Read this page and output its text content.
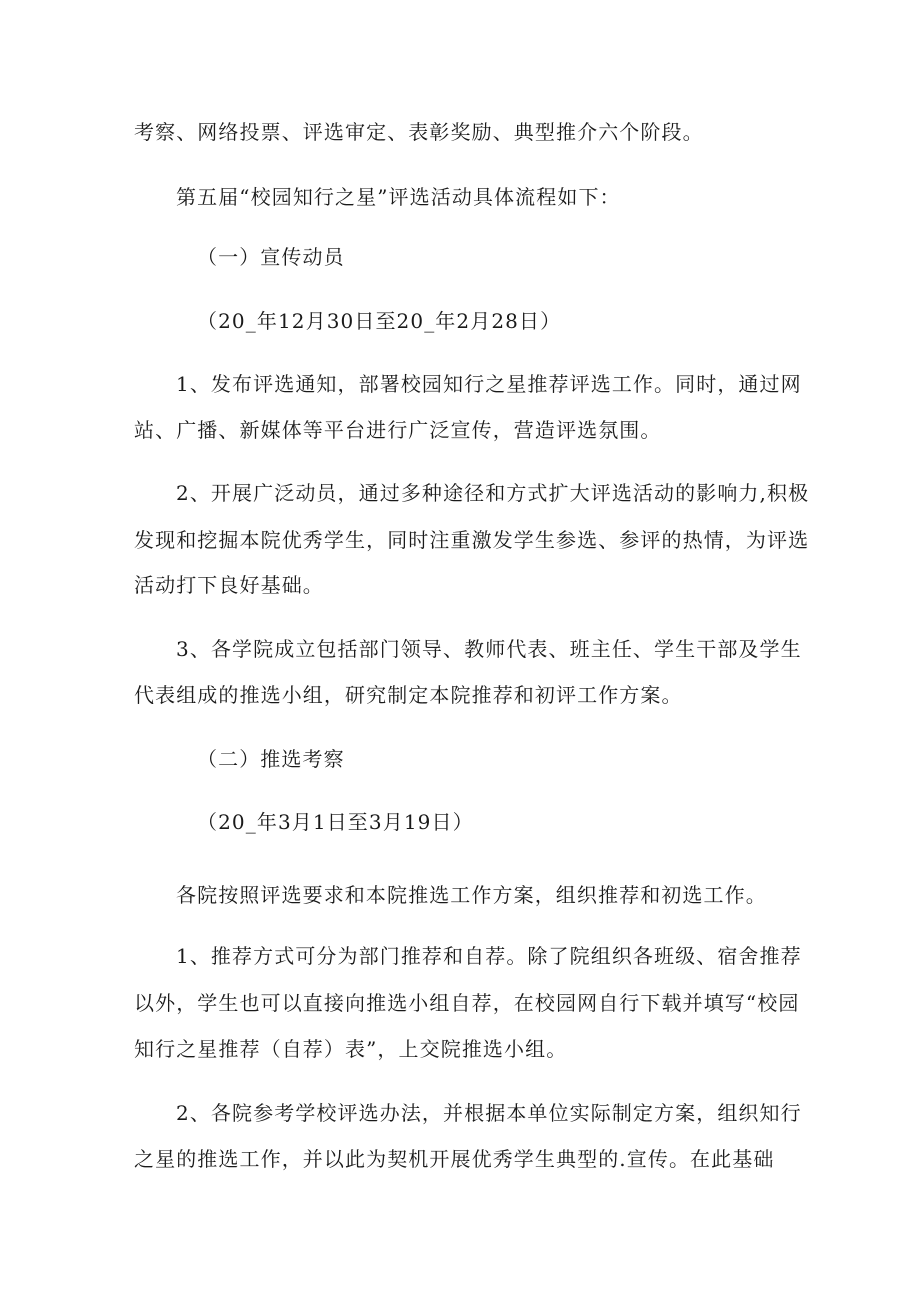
考察、网络投票、评选审定、表彰奖励、典型推介六个阶段。
第五届“校园知行之星”评选活动具体流程如下：
（一）宣传动员
（20_年12月30日至20_年2月28日）
1、发布评选通知，部署校园知行之星推荐评选工作。同时，通过网
站、广播、新媒体等平台进行广泛宣传，营造评选氛围。
2、开展广泛动员，通过多种途径和方式扩大评选活动的影响力,积极
发现和挖掘本院优秀学生，同时注重激发学生参选、参评的热情，为评选
活动打下良好基础。
3、各学院成立包括部门领导、教师代表、班主任、学生干部及学生
代表组成的推选小组，研究制定本院推荐和初评工作方案。
（二）推选考察
（20_年3月1日至3月19日）
各院按照评选要求和本院推选工作方案，组织推荐和初选工作。
1、推荐方式可分为部门推荐和自荐。除了院组织各班级、宿舍推荐
以外，学生也可以直接向推选小组自荐，在校园网自行下载并填写“校园
知行之星推荐（自荐）表”，上交院推选小组。
2、各院参考学校评选办法，并根据本单位实际制定方案，组织知行
之星的推选工作，并以此为契机开展优秀学生典型的.宣传。在此基础
